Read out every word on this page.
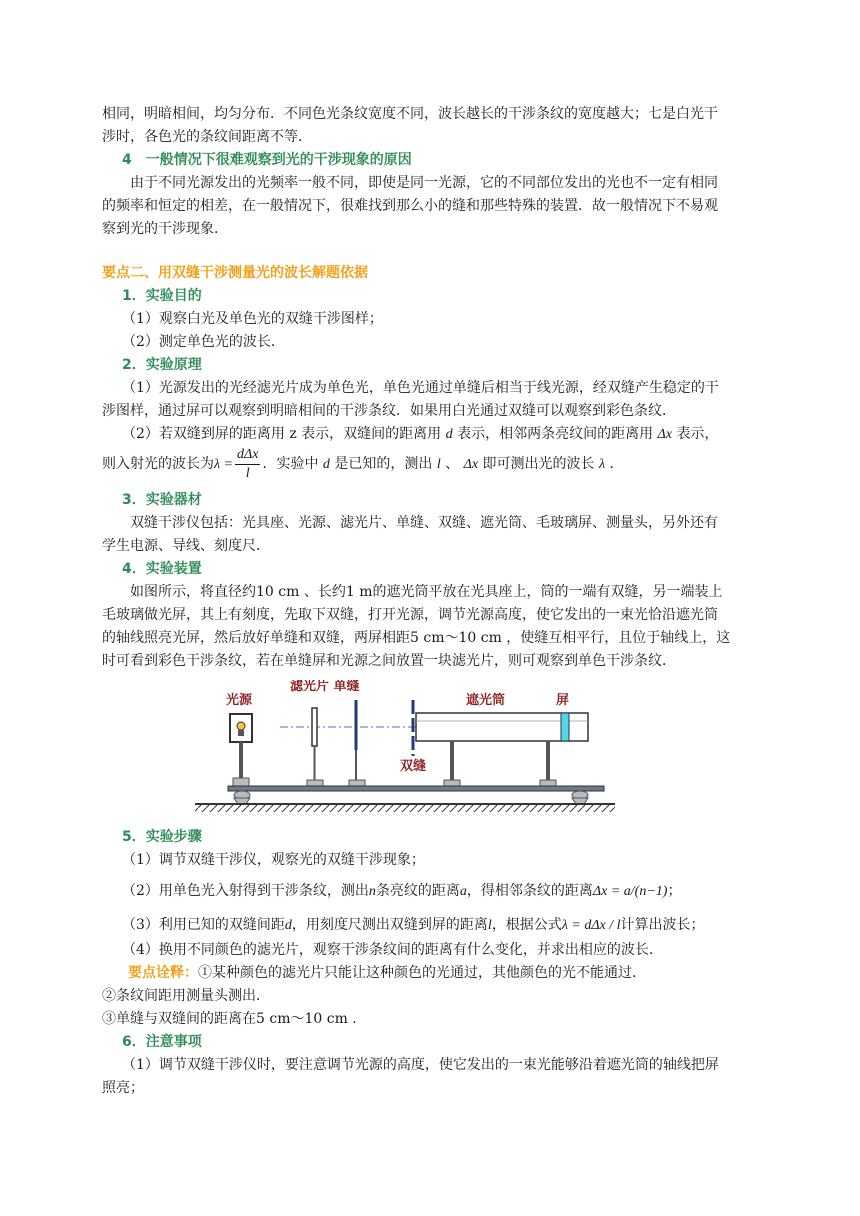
相同，明暗相间，均匀分布．不同色光条纹宽度不同，波长越长的干涉条纹的宽度越大；七是白光干
涉时，各色光的条纹间距离不等．
4　一般情况下很难观察到光的干涉现象的原因
由于不同光源发出的光频率一般不同，即使是同一光源，它的不同部位发出的光也不一定有相同
的频率和恒定的相差，在一般情况下，很难找到那么小的缝和那些特殊的装置．故一般情况下不易观
察到光的干涉现象．
要点二、用双缝干涉测量光的波长解题依据
1．实验目的
（1）观察白光及单色光的双缝干涉图样；
（2）测定单色光的波长．
2．实验原理
（1）光源发出的光经滤光片成为单色光，单色光通过单缝后相当于线光源，经双缝产生稳定的干
涉图样，通过屏可以观察到明暗相间的干涉条纹．如果用白光通过双缝可以观察到彩色条纹．
（2）若双缝到屏的距离用 z 表示，双缝间的距离用 d 表示，相邻两条亮纹间的距离用 Δx 表示，
则入射光的波长为$\lambda = \frac{\text{dΔx}}{l}$ ．实验中 d 是已知的，测出 l 、 Δx 即可测出光的波长 λ ．
3．实验器材
双缝干涉仪包括：光具座、光源、滤光片、单缝、双缝、遮光筒、毛玻璃屏、测量头，另外还有
学生电源、导线、刻度尺．
4．实验装置
如图所示，将直径约10 cm 、长约1 m的遮光筒平放在光具座上，筒的一端有双缝，另一端装上
毛玻璃做光屏，其上有刻度，先取下双缝，打开光源，调节光源高度，使它发出的一束光恰沿遮光筒
的轴线照亮光屏，然后放好单缝和双缝，两屏相距5 cm～10 cm ，使缝互相平行，且位于轴线上，这
时可看到彩色干涉条纹，若在单缝屏和光源之间放置一块滤光片，则可观察到单色干涉条纹．
光源
滤光片 单缝
遮光筒	屏
双缝
5．实验步骤
（1）调节双缝干涉仪，观察光的双缝干涉现象；
（2）用单色光入射得到干涉条纹，测出n条亮纹的距离a，得相邻条纹的距离Δx = a/(n−1)；
（3）利用已知的双缝间距d，用刻度尺测出双缝到屏的距离l，根据公式λ = dΔx / l计算出波长；
（4）换用不同颜色的滤光片，观察干涉条纹间的距离有什么变化，并求出相应的波长．
要点诠释：①某种颜色的滤光片只能让这种颜色的光通过，其他颜色的光不能通过．
②条纹间距用测量头测出．
③单缝与双缝间的距离在5 cm～10 cm .
6．注意事项
（1）调节双缝干涉仪时，要注意调节光源的高度，使它发出的一束光能够沿着遮光筒的轴线把屏
照亮；
